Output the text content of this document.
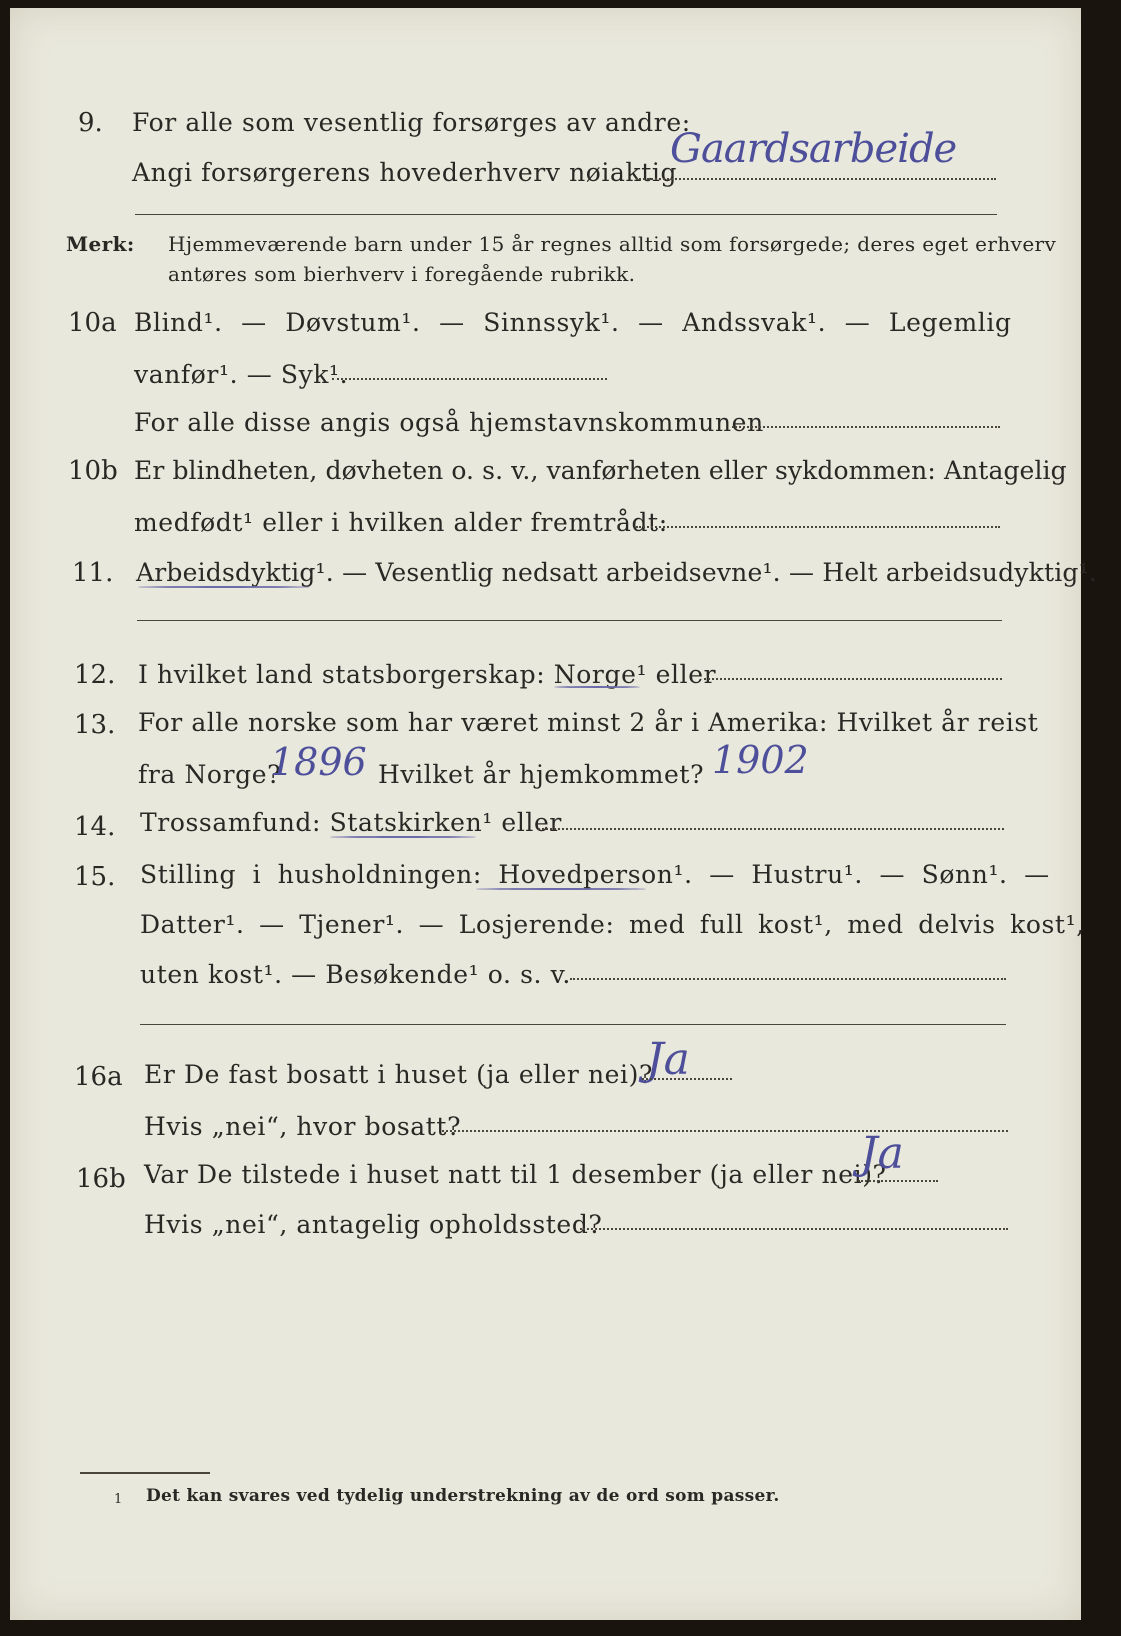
9. For alle som vesentlig forsørges av andre:
Angi forsørgerens hovederhverv nøiaktig
Gaardsarbeide
Merk: Hjemmeværende barn under 15 år regnes alltid som forsørgede; deres eget erhverv
antøres som bierhverv i foregående rubrikk.
10a Blind¹. — Døvstum¹. — Sinnssyk¹. — Andssvak¹. — Legemlig
vanfør¹. — Syk¹.
For alle disse angis også hjemstavnskommunen
10b Er blindheten, døvheten o. s. v., vanførheten eller sykdommen: Antagelig
medfødt¹ eller i hvilken alder fremtrådt:
11. Arbeidsdyktig¹. — Vesentlig nedsatt arbeidsevne¹. — Helt arbeidsudyktig¹.
12. I hvilket land statsborgerskap: Norge¹ eller
13. For alle norske som har været minst 2 år i Amerika: Hvilket år reist
fra Norge?
1896 Hvilket år hjemkommet? 1902
14. Trossamfund: Statskirken¹ eller
15. Stilling i husholdningen: Hovedperson¹. — Hustru¹. — Sønn¹. —
Datter¹. — Tjener¹. — Losjerende: med full kost¹, med delvis kost¹,
uten kost¹. — Besøkende¹ o. s. v.
16a Er De fast bosatt i huset (ja eller nei)?
Ja
Hvis „nei“, hvor bosatt?
16b Var De tilstede i huset natt til 1 desember (ja eller nei)?
Ja
Hvis „nei“, antagelig opholdssted?
1 Det kan svares ved tydelig understrekning av de ord som passer.
